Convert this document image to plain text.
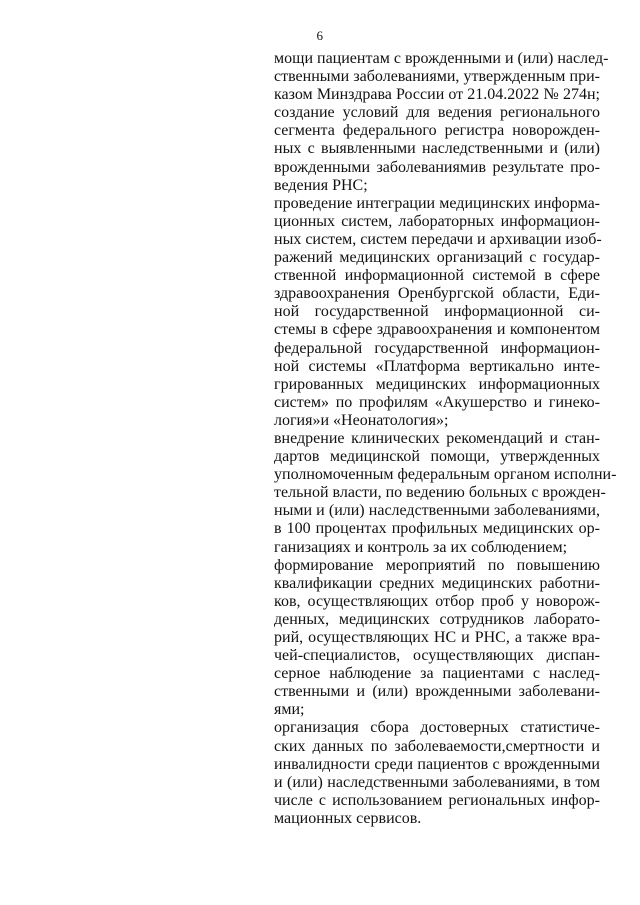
6
мощи пациентам с врожденными и (или) наслед-
ственными заболеваниями, утвержденным при-
казом Минздрава России от 21.04.2022 № 274н;
создание условий для ведения регионального
сегмента федерального регистра новорожден-
ных с выявленными наследственными и (или)
врожденными заболеваниямив результате про-
ведения РНС;
проведение интеграции медицинских информа-
ционных систем, лабораторных информацион-
ных систем, систем передачи и архивации изоб-
ражений медицинских организаций с государ-
ственной информационной системой в сфере
здравоохранения Оренбургской области, Еди-
ной государственной информационной си-
стемы в сфере здравоохранения и компонентом
федеральной государственной информацион-
ной системы «Платформа вертикально инте-
грированных медицинских информационных
систем» по профилям «Акушерство и гинеко-
логия»и «Неонатология»;
внедрение клинических рекомендаций и стан-
дартов медицинской помощи, утвержденных
уполномоченным федеральным органом исполни-
тельной власти, по ведению больных с врожден-
ными и (или) наследственными заболеваниями,
в 100 процентах профильных медицинских ор-
ганизациях и контроль за их соблюдением;
формирование мероприятий по повышению
квалификации средних медицинских работни-
ков, осуществляющих отбор проб у новорож-
денных, медицинских сотрудников лаборато-
рий, осуществляющих НС и РНС, а также вра-
чей-специалистов, осуществляющих диспан-
серное наблюдение за пациентами с наслед-
ственными и (или) врожденными заболевани-
ями;
организация сбора достоверных статистиче-
ских данных по заболеваемости,смертности и
инвалидности среди пациентов с врожденными
и (или) наследственными заболеваниями, в том
числе с использованием региональных инфор-
мационных сервисов.
